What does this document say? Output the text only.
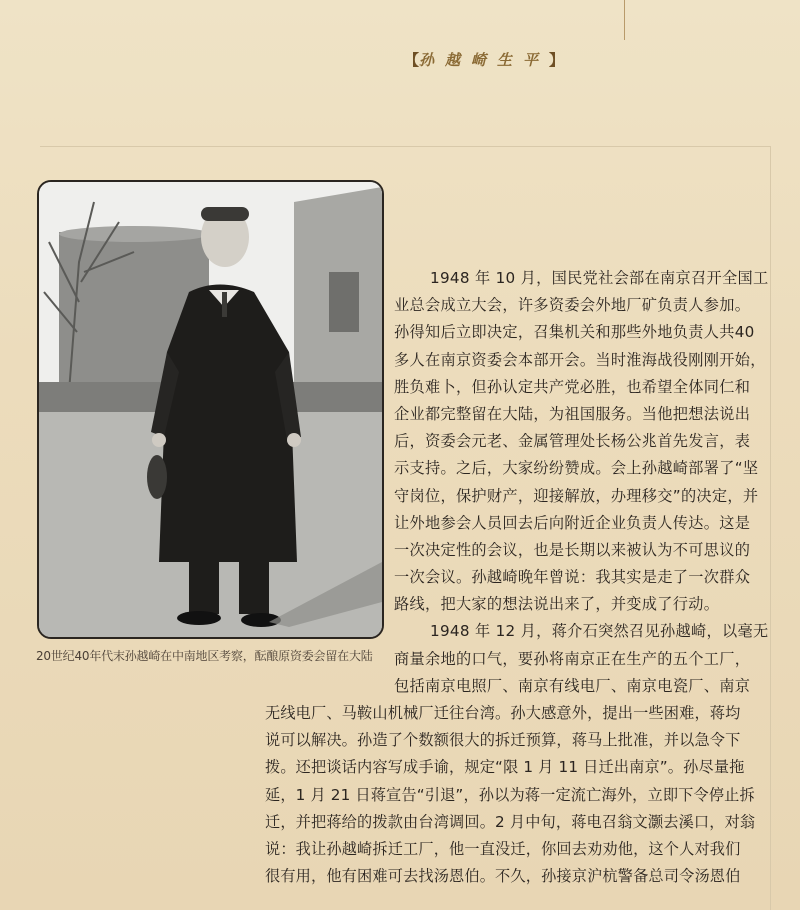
【孙越崎生平】
20世纪40年代末孙越崎在中南地区考察，酝酿原资委会留在大陆
1948 年 10 月，国民党社会部在南京召开全国工
业总会成立大会，许多资委会外地厂矿负责人参加。
孙得知后立即决定，召集机关和那些外地负责人共40
多人在南京资委会本部开会。当时淮海战役刚刚开始，
胜负难卜，但孙认定共产党必胜，也希望全体同仁和
企业都完整留在大陆，为祖国服务。当他把想法说出
后，资委会元老、金属管理处长杨公兆首先发言，表
示支持。之后，大家纷纷赞成。会上孙越崎部署了“坚
守岗位，保护财产，迎接解放，办理移交”的决定，并
让外地参会人员回去后向附近企业负责人传达。这是
一次决定性的会议，也是长期以来被认为不可思议的
一次会议。孙越崎晚年曾说：我其实是走了一次群众
路线，把大家的想法说出来了，并变成了行动。
1948 年 12 月，蒋介石突然召见孙越崎，以毫无
商量余地的口气，要孙将南京正在生产的五个工厂，
包括南京电照厂、南京有线电厂、南京电瓷厂、南京
无线电厂、马鞍山机械厂迁往台湾。孙大感意外，提出一些困难，蒋均
说可以解决。孙造了个数额很大的拆迁预算，蒋马上批准，并以急令下
拨。还把谈话内容写成手谕，规定“限 1 月 11 日迁出南京”。孙尽量拖
延，1 月 21 日蒋宣告“引退”，孙以为蒋一定流亡海外，立即下令停止拆
迁，并把蒋给的拨款由台湾调回。2 月中旬，蒋电召翁文灏去溪口，对翁
说：我让孙越崎拆迁工厂，他一直没迁，你回去劝劝他，这个人对我们
很有用，他有困难可去找汤恩伯。不久，孙接京沪杭警备总司令汤恩伯
